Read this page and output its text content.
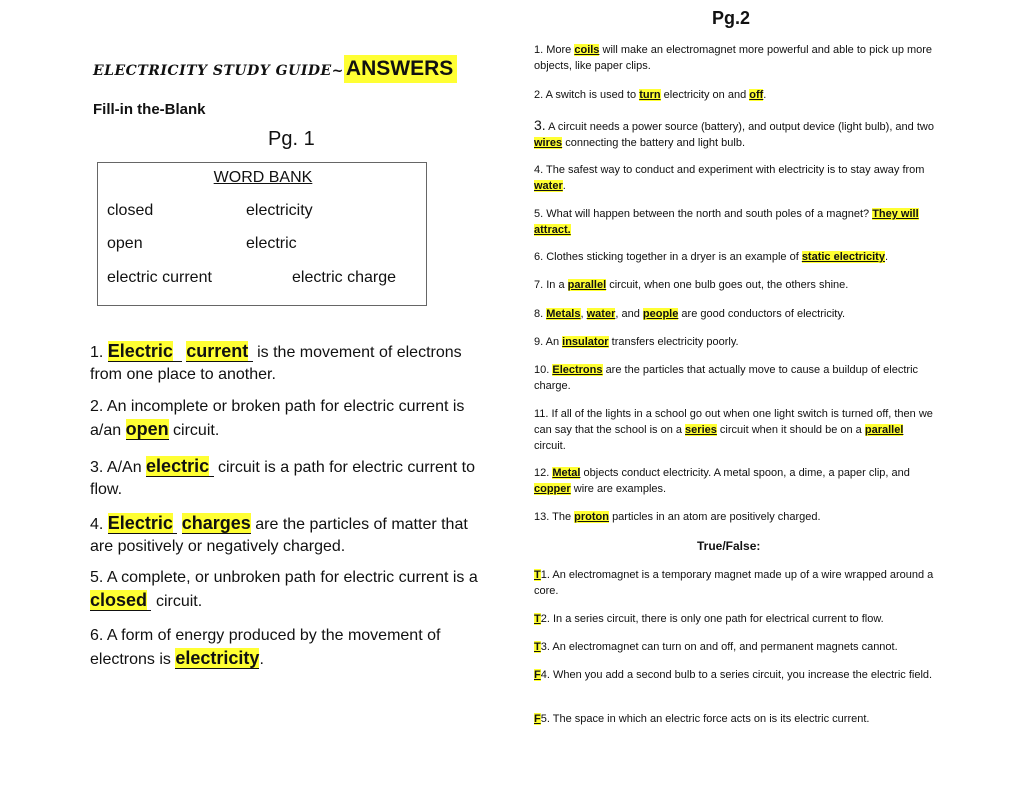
ELECTRICITY STUDY GUIDE~ANSWERS
Fill-in the-Blank
Pg. 1
WORD BANK
closed	electricity
open	electric
electric current	electric charge
1. Electric current is the movement of electrons from one place to another.
2. An incomplete or broken path for electric current is a/an open circuit.
3. A/An electric circuit is a path for electric current to flow.
4. Electric charges are the particles of matter that are positively or negatively charged.
5. A complete, or unbroken path for electric current is a closed circuit.
6. A form of energy produced by the movement of electrons is electricity.
Pg.2
1. More coils will make an electromagnet more powerful and able to pick up more objects, like paper clips.
2. A switch is used to turn electricity on and off.
3. A circuit needs a power source (battery), and output device (light bulb), and two wires connecting the battery and light bulb.
4. The safest way to conduct and experiment with electricity is to stay away from water.
5. What will happen between the north and south poles of a magnet? They will attract.
6. Clothes sticking together in a dryer is an example of static electricity.
7. In a parallel circuit, when one bulb goes out, the others shine.
8. Metals, water, and people are good conductors of electricity.
9. An insulator transfers electricity poorly.
10. Electrons are the particles that actually move to cause a buildup of electric charge.
11. If all of the lights in a school go out when one light switch is turned off, then we can say that the school is on a series circuit when it should be on a parallel circuit.
12. Metal objects conduct electricity. A metal spoon, a dime, a paper clip, and copper wire are examples.
13. The proton particles in an atom are positively charged.
True/False:
T1. An electromagnet is a temporary magnet made up of a wire wrapped around a core.
T2. In a series circuit, there is only one path for electrical current to flow.
T3. An electromagnet can turn on and off, and permanent magnets cannot.
F4. When you add a second bulb to a series circuit, you increase the electric field.
F5. The space in which an electric force acts on is its electric current.
